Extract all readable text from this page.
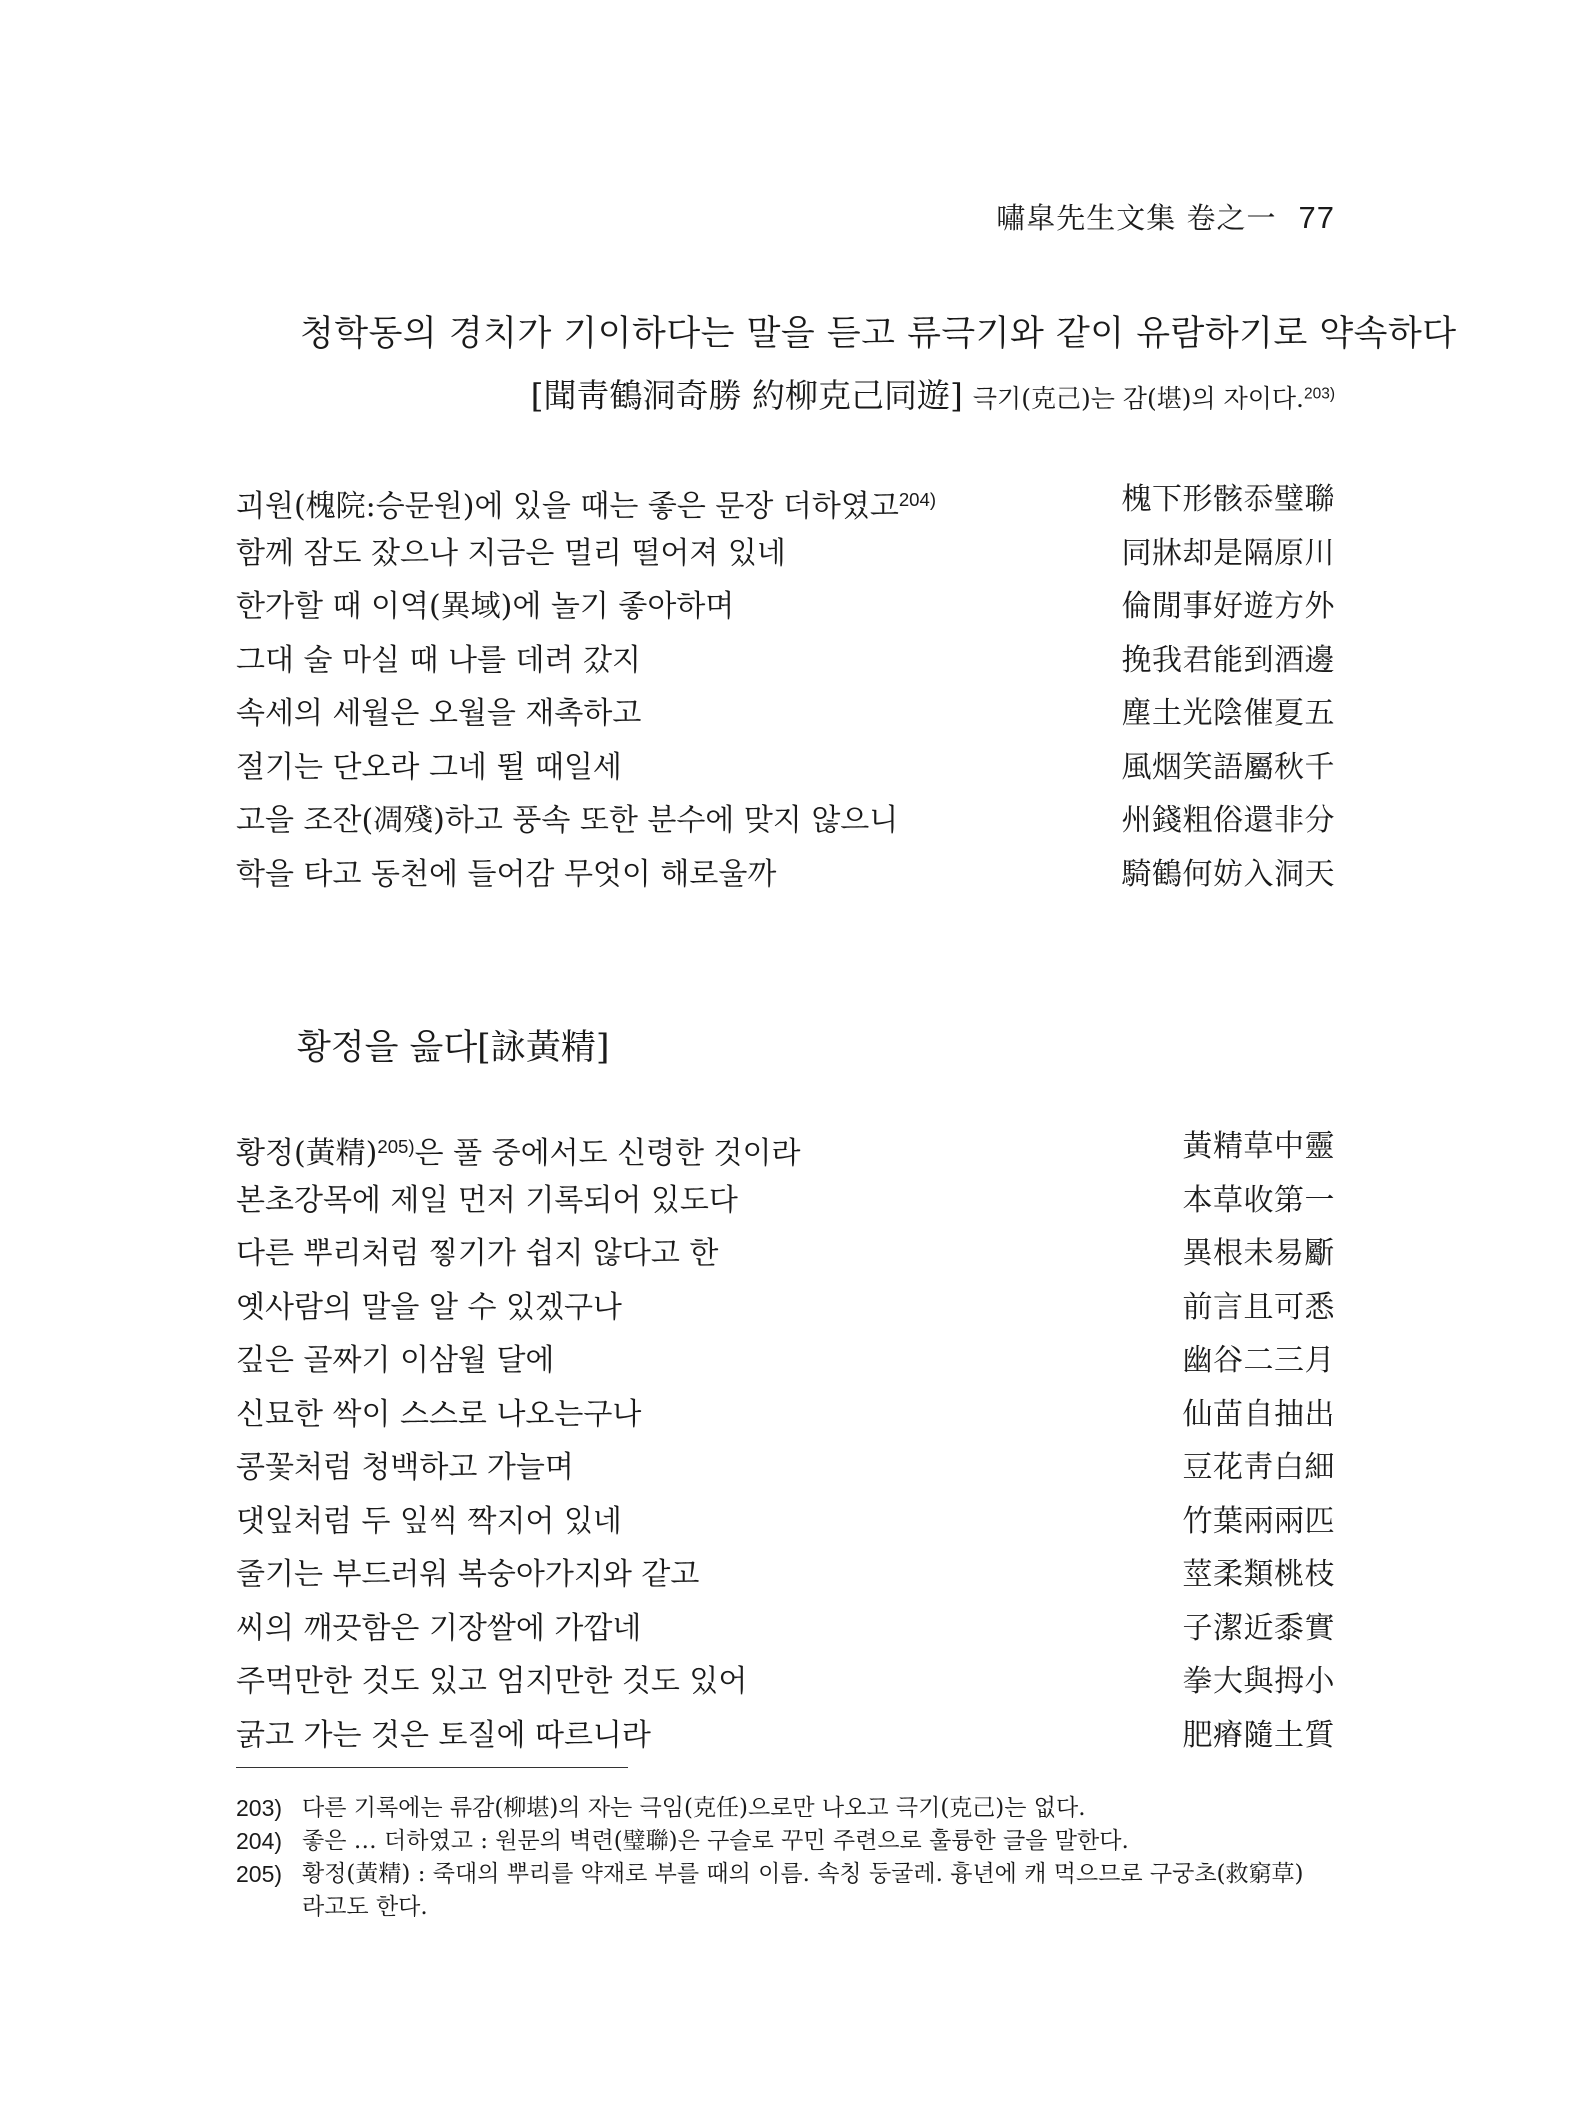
嘯皐先生文集 卷之一 77
청학동의 경치가 기이하다는 말을 듣고 류극기와 같이 유람하기로 약속하다
[聞靑鶴洞奇勝 約柳克己同遊] 극기(克己)는 감(堪)의 자이다.$^{203)}$
괴원(槐院:승문원)에 있을 때는 좋은 문장 더하였고$^{204)}$	槐下形骸忝璧聯
함께 잠도 잤으나 지금은 멀리 떨어져 있네	同牀却是隔原川
한가할 때 이역(異域)에 놀기 좋아하며	倫閒事好遊方外
그대 술 마실 때 나를 데려 갔지	挽我君能到酒邊
속세의 세월은 오월을 재촉하고	塵土光陰催夏五
절기는 단오라 그네 뛸 때일세	風烟笑語屬秋千
고을 조잔(凋殘)하고 풍속 또한 분수에 맞지 않으니	州錢粗俗還非分
학을 타고 동천에 들어감 무엇이 해로울까	騎鶴何妨入洞天
황정을 읊다[詠黃精]
황정(黃精)$^{205)}$은 풀 중에서도 신령한 것이라	黃精草中靈
본초강목에 제일 먼저 기록되어 있도다	本草收第一
다른 뿌리처럼 찧기가 쉽지 않다고 한	異根未易斸
옛사람의 말을 알 수 있겠구나	前言且可悉
깊은 골짜기 이삼월 달에	幽谷二三月
신묘한 싹이 스스로 나오는구나	仙苗自抽出
콩꽃처럼 청백하고 가늘며	豆花靑白細
댓잎처럼 두 잎씩 짝지어 있네	竹葉兩兩匹
줄기는 부드러워 복숭아가지와 같고	莖柔類桃枝
씨의 깨끗함은 기장쌀에 가깝네	子潔近黍實
주먹만한 것도 있고 엄지만한 것도 있어	拳大與拇小
굵고 가는 것은 토질에 따르니라	肥瘠隨土質
203) 다른 기록에는 류감(柳堪)의 자는 극임(克任)으로만 나오고 극기(克己)는 없다.
204) 좋은 … 더하였고 : 원문의 벽련(璧聯)은 구슬로 꾸민 주련으로 훌륭한 글을 말한다.
205) 황정(黃精) : 죽대의 뿌리를 약재로 부를 때의 이름. 속칭 둥굴레. 흉년에 캐 먹으므로 구궁초(救窮草)
라고도 한다.
